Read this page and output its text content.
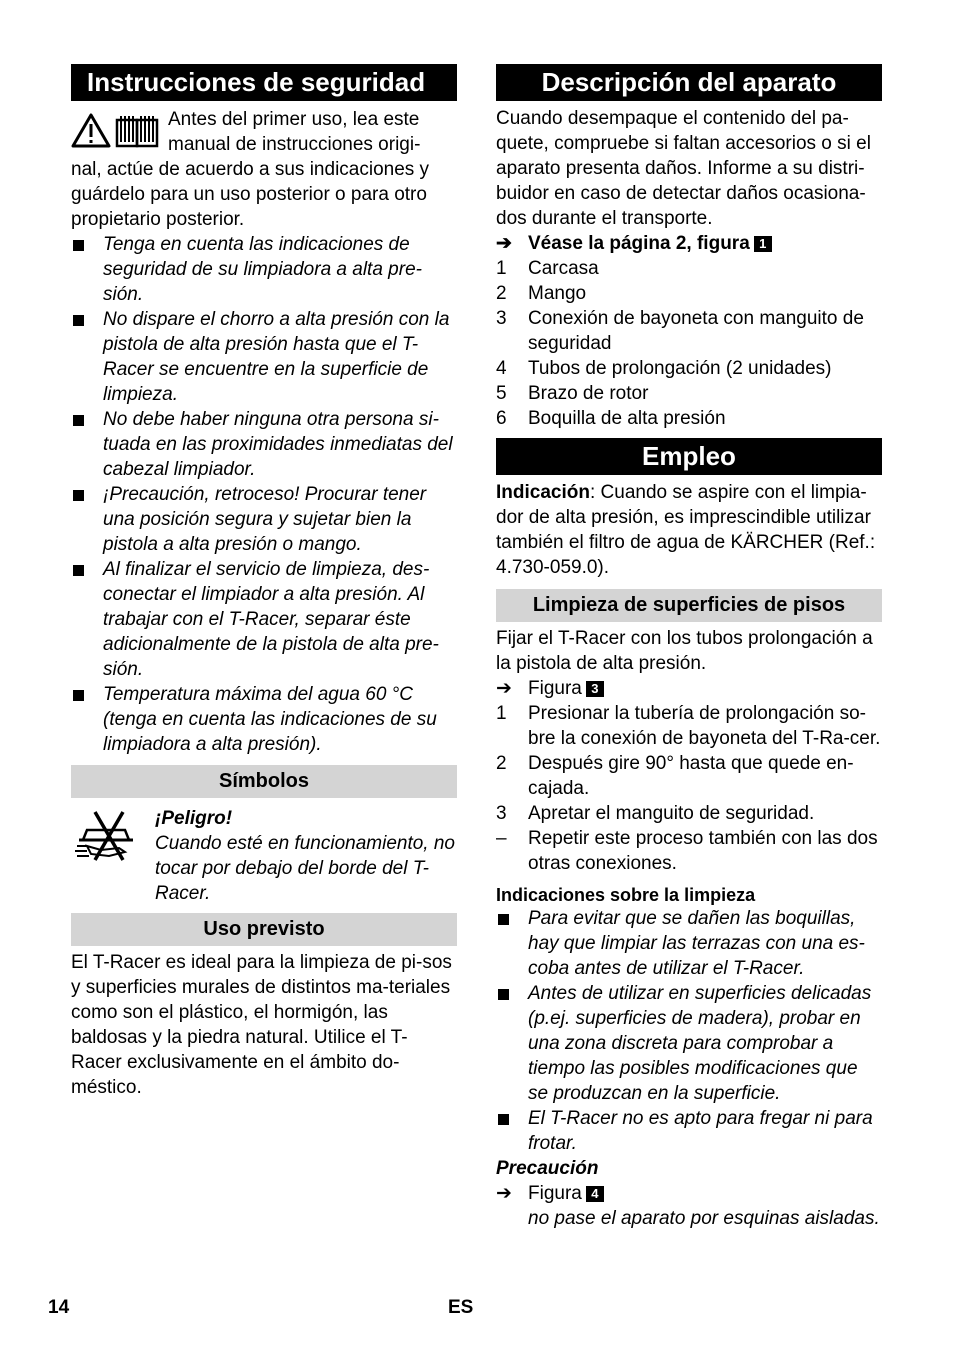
Instrucciones de seguridad
Antes del primer uso, lea este manual de instrucciones origi-
nal, actúe de acuerdo a sus indicaciones y guárdelo para un uso posterior o para otro propietario posterior.
Tenga en cuenta las indicaciones de seguridad de su limpiadora a alta pre-sión.
No dispare el chorro a alta presión con la pistola de alta presión hasta que el T-Racer se encuentre en la superficie de limpieza.
No debe haber ninguna otra persona si-tuada en las proximidades inmediatas del cabezal limpiador.
¡Precaución, retroceso! Procurar tener una posición segura y sujetar bien la pistola a alta presión o mango.
Al finalizar el servicio de limpieza, des-conectar el limpiador a alta presión. Al trabajar con el T-Racer, separar éste adicionalmente de la pistola de alta pre-sión.
Temperatura máxima del agua 60 °C (tenga en cuenta las indicaciones de su limpiadora a alta presión).
Símbolos
¡Peligro!
Cuando esté en funcionamiento, no tocar por debajo del borde del T-Racer.
Uso previsto
El T-Racer es ideal para la limpieza de pi-sos y superficies murales de distintos ma-teriales como son el plástico, el hormigón, las baldosas y la piedra natural. Utilice el T-Racer exclusivamente en el ámbito do-méstico.
Descripción del aparato
Cuando desempaque el contenido del pa-quete, compruebe si faltan accesorios o si el aparato presenta daños. Informe a su distri-buidor en caso de detectar daños ocasiona-dos durante el transporte.
➔ Véase la página 2, figura 1
1	Carcasa
2	Mango
3	Conexión de bayoneta con manguito de seguridad
4	Tubos de prolongación (2 unidades)
5	Brazo de rotor
6	Boquilla de alta presión
Empleo
Indicación: Cuando se aspire con el limpia-dor de alta presión, es imprescindible utilizar también el filtro de agua de KÄRCHER (Ref.: 4.730-059.0).
Limpieza de superficies de pisos
Fijar el T-Racer con los tubos prolongación a la pistola de alta presión.
➔ Figura 3
1	Presionar la tubería de prolongación so-bre la conexión de bayoneta del T-Ra-cer.
2	Después gire 90° hasta que quede en-cajada.
3	Apretar el manguito de seguridad.
–	Repetir este proceso también con las dos otras conexiones.
Indicaciones sobre la limpieza
Para evitar que se dañen las boquillas, hay que limpiar las terrazas con una es-coba antes de utilizar el T-Racer.
Antes de utilizar en superficies delicadas (p.ej. superficies de madera), probar en una zona discreta para comprobar a tiempo las posibles modificaciones que se produzcan en la superficie.
El T-Racer no es apto para fregar ni para frotar.
Precaución
➔ Figura 4
no pase el aparato por esquinas aisladas.
14	ES
